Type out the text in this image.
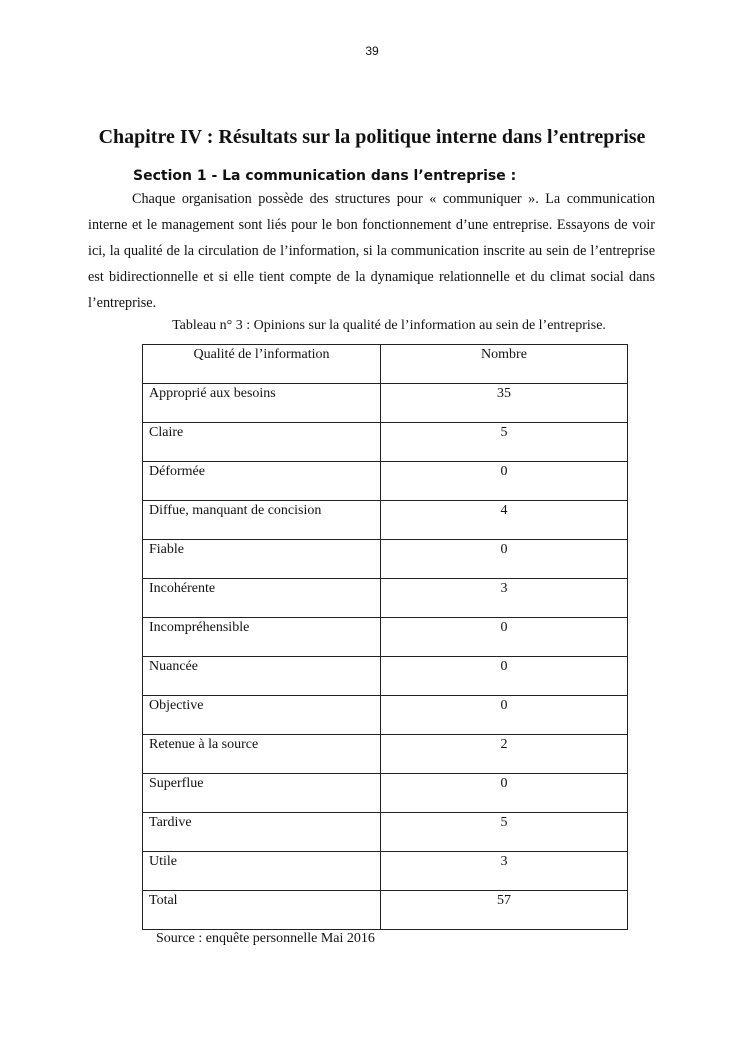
39
Chapitre IV : Résultats sur la politique interne dans l’entreprise
Section 1 - La communication dans l’entreprise :

Chaque organisation possède des structures pour « communiquer ». La communication interne et le management sont liés pour le bon fonctionnement d’une entreprise. Essayons de voir ici, la qualité de la circulation de l’information, si la communication inscrite au sein de l’entreprise est bidirectionnelle et si elle tient compte de la dynamique relationnelle et du climat social dans l’entreprise.

Tableau n° 3 : Opinions sur la qualité de l’information au sein de l’entreprise.

Qualité de l’information	Nombre
Approprié aux besoins	35
Claire	5
Déformée	0
Diffue, manquant de concision	4
Fiable	0
Incohérente	3
Incompréhensible	0
Nuancée	0
Objective	0
Retenue à la source	2
Superflue	0
Tardive	5
Utile	3
Total	57

Source : enquête personnelle Mai 2016
